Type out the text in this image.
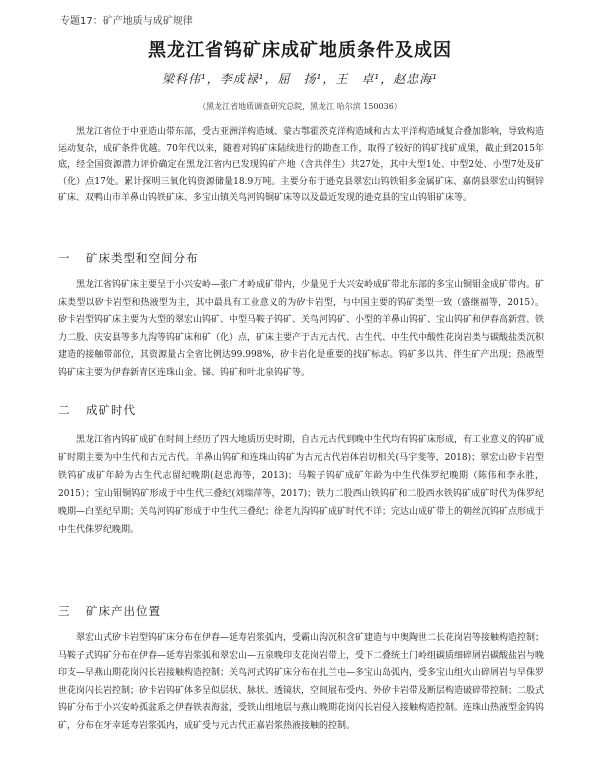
专题17：矿产地质与成矿规律
黑龙江省钨矿床成矿地质条件及成因
梁科伟¹，李成禄¹，屈　扬¹，王　卓¹，赵忠海¹
（黑龙江省地质调查研究总院，黑龙江 哈尔滨 150036）
黑龙江省位于中亚造山带东部，受古亚洲洋构造域、蒙古鄂霍茨克洋构造域和古太平洋构造域复合叠加影响，导致构造运动复杂，成矿条件优越。70年代以来，随着对钨矿床陆续进行的勘查工作，取得了较好的钨矿找矿成果，截止到2015年底，经全国资源潜力评价确定在黑龙江省内已发现钨矿产地（含共伴生）共27处，其中大型1处、中型2处、小型7处及矿（化）点17处。累计探明三氧化钨资源储量18.9万吨。主要分布于逊克县翠宏山钨铁钼多金属矿床、嘉荫县翠宏山钨铜锌矿床、双鸭山市羊鼻山钨铁矿床、多宝山镇关鸟河钨铜矿床等以及最近发现的逊克县的宝山钨钼矿床等。
一 矿床类型和空间分布
黑龙江省钨矿床主要呈于小兴安岭—张广才岭成矿带内，少量见于大兴安岭成矿带北东部的多宝山铜钼金成矿带内。矿床类型以矽卡岩型和热液型为主，其中最具有工业意义的为矽卡岩型，与中国主要的钨矿类型一致（盛继福等，2015）。矽卡岩型钨矿床主要为大型的翠宏山钨矿、中型马鞍子钨矿、关鸟河钨矿、小型的羊鼻山钨矿、宝山钨矿和伊春高新营、铁力二股、庆安县等多九沟等钨矿床和矿（化）点，矿床主要产于古元古代、古生代、中生代中酸性花岗岩类与碳酸盐类沉积建造的接触带部位，其资源量占全省比例达99.998%，矽卡岩化是重要的找矿标志。钨矿多以共、伴生矿产出现；热液型钨矿床主要为伊春新青区连珠山金、锑、钨矿和叶北泉钨矿等。
二 成矿时代
黑龙江省内钨矿成矿在时间上经历了四大地质历史时期，自古元古代到晚中生代均有钨矿床形成，有工业意义的钨矿成矿时期主要为中生代和古元古代。羊鼻山钨矿和连珠山钨矿为古元古代岩体岩切相关(马宇斐等，2018)；翠宏山矽卡岩型铁钨矿成矿年龄为古生代志留纪晚期(赵忠海等，2013)；马鞍子钨矿成矿年龄为中生代侏罗纪晚期（陈伟和李永胜，2015）；宝山钼铜钨矿形成于中生代三叠纪(刘瑞萍等，2017)；铁力二股西山铁钨矿和二股西水铁钨矿成矿时代为侏罗纪晚期—白垩纪早期；关鸟河钨矿形成于中生代三叠纪；徐老九沟钨矿成矿时代不详；完达山成矿带上的朝丝沉钨矿点形成于中生代侏罗纪晚期。
三 矿床产出位置
翠宏山式矽卡岩型钨矿床分布在伊春—延寿岩浆弧内，受霸山沟沉积含矿建造与中奥陶世二长花岗岩等接触构造控制；马鞍子式钨矿分布在伊春—延寿岩浆弧和翠宏山—五泉晚印支花岗岩带上，受下二叠统土门岭组碳质细碎屑岩碳酸盐岩与晚印支—早燕山期花岗闪长岩接触构造控制；关鸟河式钨矿床分布在扎兰屯—多宝山岛弧内，受多宝山组火山碎屑岩与早侏罗世花岗闪长岩控制；矽卡岩钨矿体多呈似层状、脉状、透镜状，空间展布受内、外矽卡岩带及断层构造破碎带控制；二股式钨矿分布于小兴安岭孤盆系之伊春铁表海盆，受铁山组地层与燕山晚期花岗闪长岩侵入接触构造控制。连珠山热液型金钨钨矿，分布在牙幸延寿岩浆弧内，成矿受与元古代正嘉岩浆热液接触的控制。
